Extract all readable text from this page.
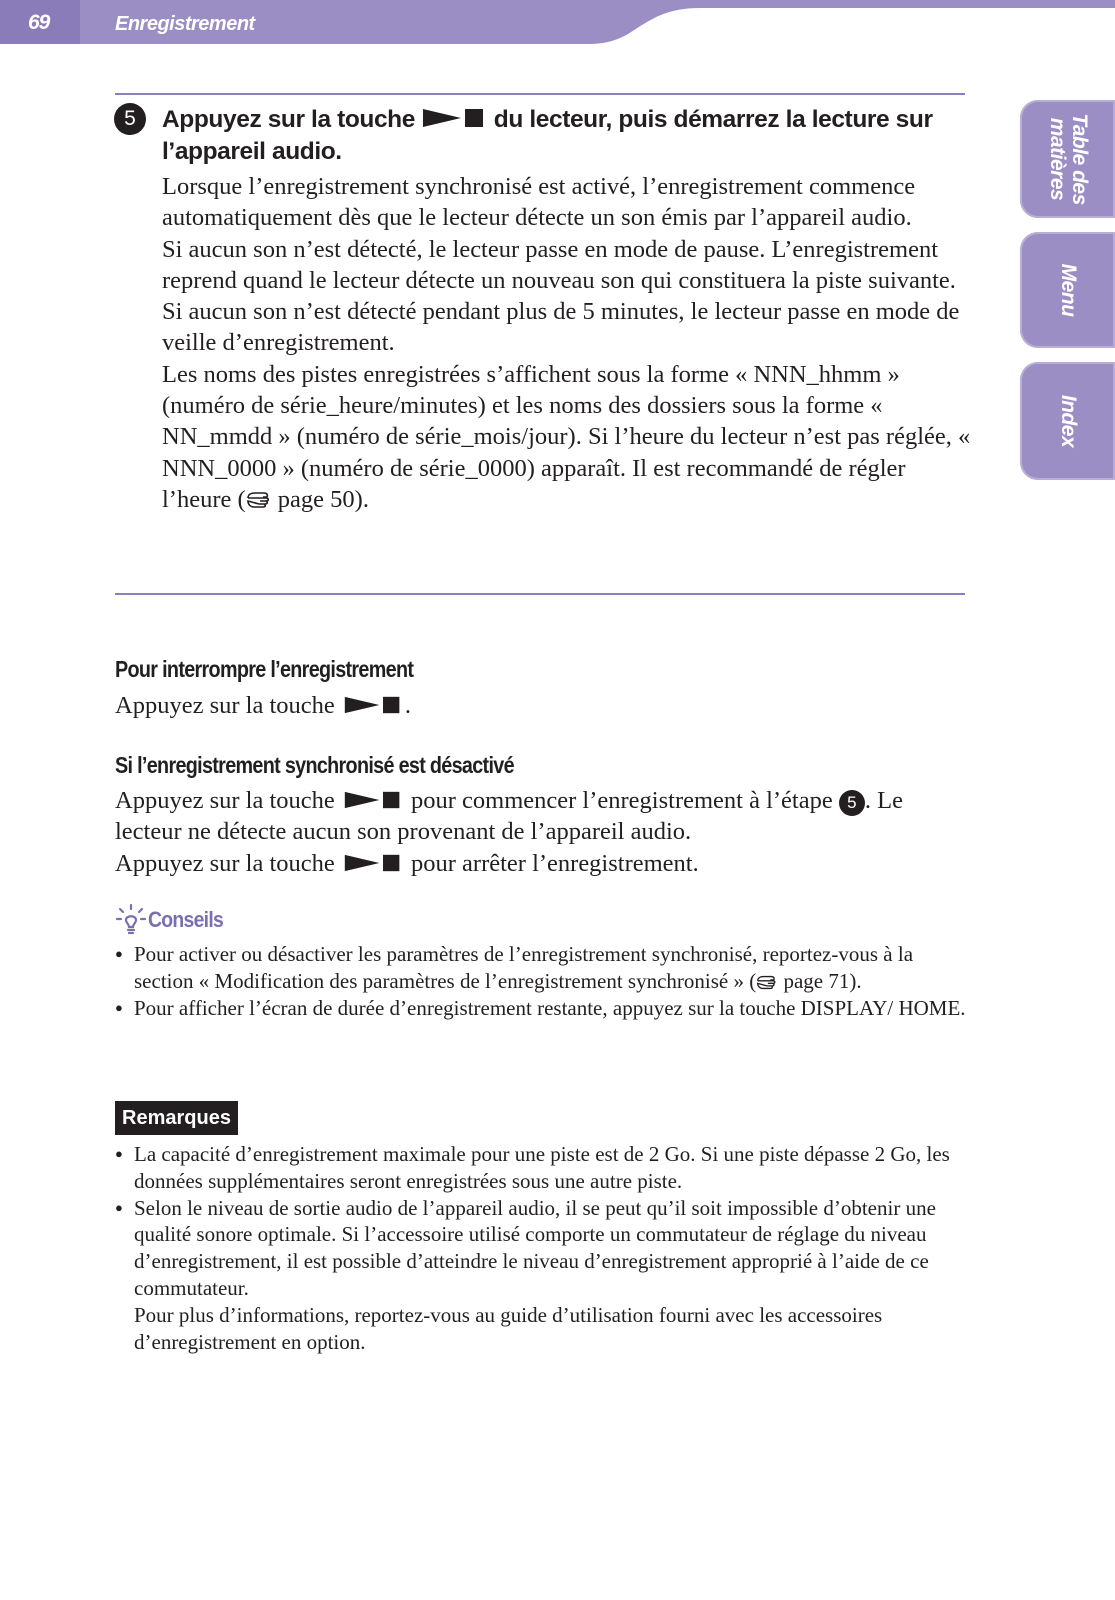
69	Enregistrement
Table des
matières
Menu
Index
5	Appuyez sur la touche	du lecteur, puis démarrez la lecture sur l’appareil audio.

Lorsque l’enregistrement synchronisé est activé, l’enregistrement commence automatiquement dès que le lecteur détecte un son émis par l’appareil audio.

Si aucun son n’est détecté, le lecteur passe en mode de pause. L’enregistrement reprend quand le lecteur détecte un nouveau son qui constituera la piste suivante.

Si aucun son n’est détecté pendant plus de 5 minutes, le lecteur passe en mode de veille d’enregistrement.

Les noms des pistes enregistrées s’affichent sous la forme « NNN_hhmm » (numéro de série_heure/minutes) et les noms des dossiers sous la forme « NN_mmdd » (numéro de série_mois/jour). Si l’heure du lecteur n’est pas réglée, « NNN_0000 » (numéro de série_0000) apparaît. Il est recommandé de régler l’heure ( page 50).

Pour interrompre l’enregistrement
Appuyez sur la touche	.
Si l’enregistrement synchronisé est désactivé

Appuyez sur la touche	pour commencer l’enregistrement à l’étape 5 . Le lecteur ne détecte aucun son provenant de l’appareil audio.

Appuyez sur la touche	pour arrêter l’enregistrement.

Conseils
● Pour activer ou désactiver les paramètres de l’enregistrement synchronisé, reportez-vous à la section « Modification des paramètres de l’enregistrement synchronisé » ( page 71).
● Pour afficher l’écran de durée d’enregistrement restante, appuyez sur la touche DISPLAY/ HOME.
Remarques
● La capacité d’enregistrement maximale pour une piste est de 2 Go. Si une piste dépasse 2 Go, les données supplémentaires seront enregistrées sous une autre piste.
● Selon le niveau de sortie audio de l’appareil audio, il se peut qu’il soit impossible d’obtenir une qualité sonore optimale. Si l’accessoire utilisé comporte un commutateur de réglage du niveau d’enregistrement, il est possible d’atteindre le niveau d’enregistrement approprié à l’aide de ce commutateur.
Pour plus d’informations, reportez-vous au guide d’utilisation fourni avec les accessoires d’enregistrement en option.
